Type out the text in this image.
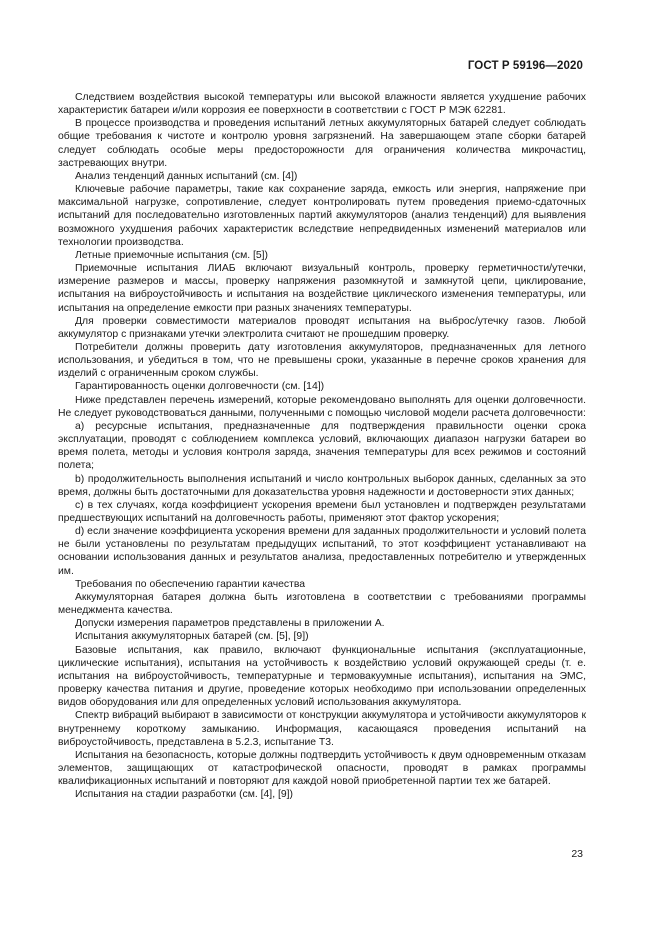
ГОСТ Р 59196—2020

Следствием воздействия высокой температуры или высокой влажности является ухудшение рабочих характеристик батареи и/или коррозия ее поверхности в соответствии с ГОСТ Р МЭК 62281.

В процессе производства и проведения испытаний летных аккумуляторных батарей следует соблюдать общие требования к чистоте и контролю уровня загрязнений. На завершающем этапе сборки батарей следует соблюдать особые меры предосторожности для ограничения количества микрочастиц, застревающих внутри.

Анализ тенденций данных испытаний (см. [4])

Ключевые рабочие параметры, такие как сохранение заряда, емкость или энергия, напряжение при максимальной нагрузке, сопротивление, следует контролировать путем проведения приемо-сдаточных испытаний для последовательно изготовленных партий аккумуляторов (анализ тенденций) для выявления возможного ухудшения рабочих характеристик вследствие непредвиденных изменений материалов или технологии производства.

Летные приемочные испытания (см. [5])

Приемочные испытания ЛИАБ включают визуальный контроль, проверку герметичности/утечки, измерение размеров и массы, проверку напряжения разомкнутой и замкнутой цепи, циклирование, испытания на виброустойчивость и испытания на воздействие циклического изменения температуры, или испытания на определение емкости при разных значениях температуры.

Для проверки совместимости материалов проводят испытания на выброс/утечку газов. Любой аккумулятор с признаками утечки электролита считают не прошедшим проверку.

Потребители должны проверить дату изготовления аккумуляторов, предназначенных для летного использования, и убедиться в том, что не превышены сроки, указанные в перечне сроков хранения для изделий с ограниченным сроком службы.

Гарантированность оценки долговечности (см. [14])

Ниже представлен перечень измерений, которые рекомендовано выполнять для оценки долговечности. Не следует руководствоваться данными, полученными с помощью числовой модели расчета долговечности:

а) ресурсные испытания, предназначенные для подтверждения правильности оценки срока эксплуатации, проводят с соблюдением комплекса условий, включающих диапазон нагрузки батареи во время полета, методы и условия контроля заряда, значения температуры для всех режимов и состояний полета;

b) продолжительность выполнения испытаний и число контрольных выборок данных, сделанных за это время, должны быть достаточными для доказательства уровня надежности и достоверности этих данных;

c) в тех случаях, когда коэффициент ускорения времени был установлен и подтвержден результатами предшествующих испытаний на долговечность работы, применяют этот фактор ускорения;

d) если значение коэффициента ускорения времени для заданных продолжительности и условий полета не были установлены по результатам предыдущих испытаний, то этот коэффициент устанавливают на основании использования данных и результатов анализа, предоставленных потребителю и утвержденных им.

Требования по обеспечению гарантии качества

Аккумуляторная батарея должна быть изготовлена в соответствии с требованиями программы менеджмента качества.

Допуски измерения параметров представлены в приложении А.

Испытания аккумуляторных батарей (см. [5], [9])

Базовые испытания, как правило, включают функциональные испытания (эксплуатационные, циклические испытания), испытания на устойчивость к воздействию условий окружающей среды (т. е. испытания на виброустойчивость, температурные и термовакуумные испытания), испытания на ЭМС, проверку качества питания и другие, проведение которых необходимо при использовании определенных видов оборудования или для определенных условий использования аккумулятора.

Спектр вибраций выбирают в зависимости от конструкции аккумулятора и устойчивости аккумуляторов к внутреннему короткому замыканию. Информация, касающаяся проведения испытаний на виброустойчивость, представлена в 5.2.3, испытание Т3.

Испытания на безопасность, которые должны подтвердить устойчивость к двум одновременным отказам элементов, защищающих от катастрофической опасности, проводят в рамках программы квалификационных испытаний и повторяют для каждой новой приобретенной партии тех же батарей.

Испытания на стадии разработки (см. [4], [9])

23
